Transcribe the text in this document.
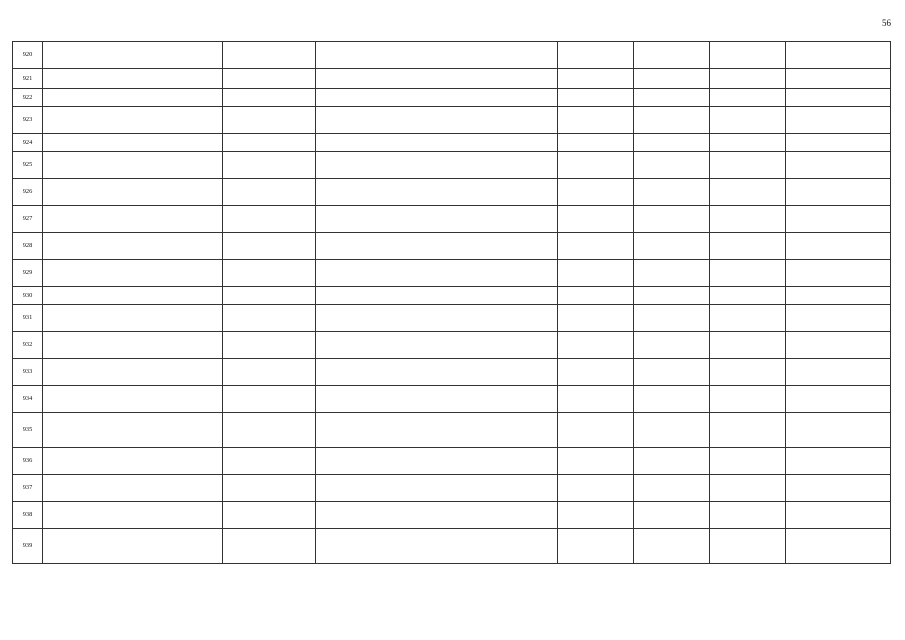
56
920							
921							
922							
923							
924							
925							
926							
927							
928							
929							
930							
931							
932							
933							
934							
935							
936							
937							
938							
939							
